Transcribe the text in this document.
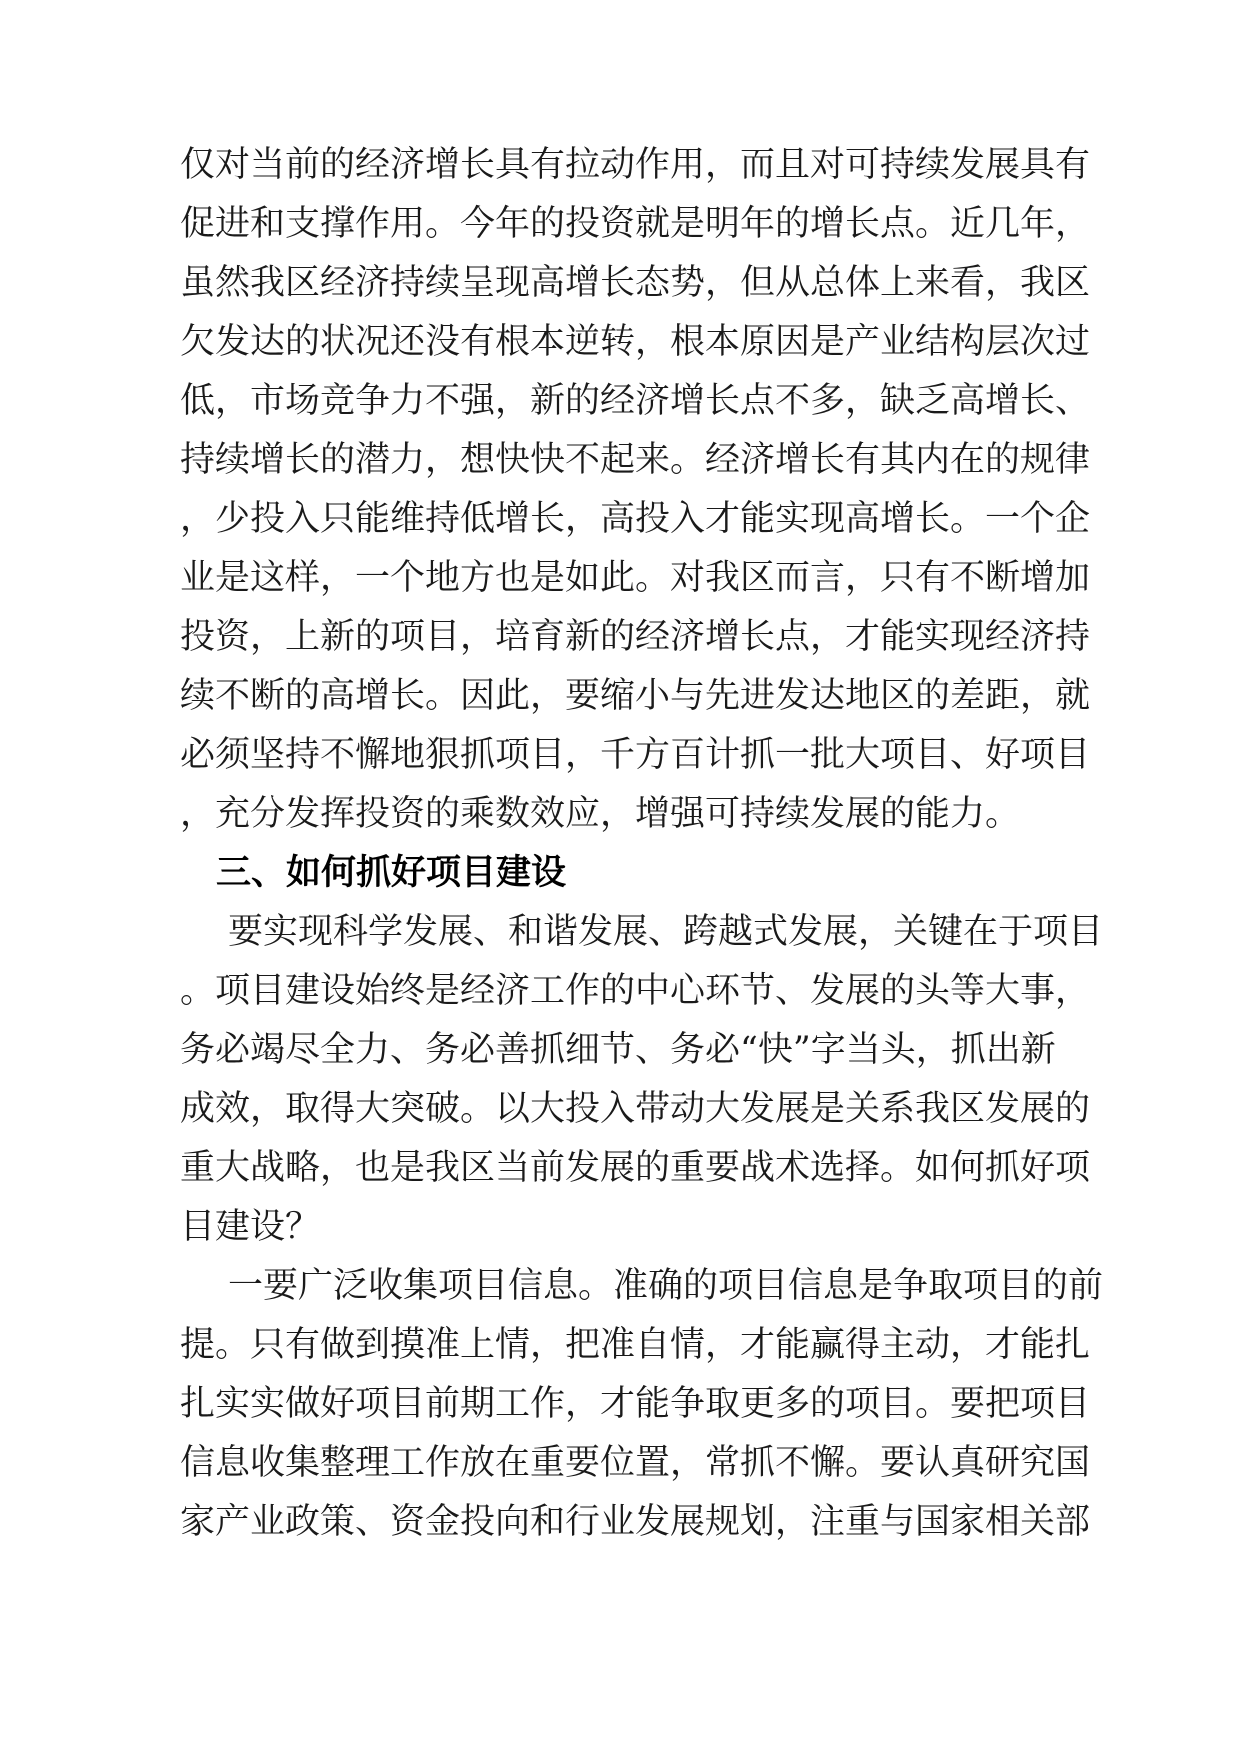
仅对当前的经济增长具有拉动作用，而且对可持续发展具有
促进和支撑作用。今年的投资就是明年的增长点。近几年，
虽然我区经济持续呈现高增长态势，但从总体上来看，我区
欠发达的状况还没有根本逆转，根本原因是产业结构层次过
低，市场竞争力不强，新的经济增长点不多，缺乏高增长、
持续增长的潜力，想快快不起来。经济增长有其内在的规律
，少投入只能维持低增长，高投入才能实现高增长。一个企
业是这样，一个地方也是如此。对我区而言，只有不断增加
投资，上新的项目，培育新的经济增长点，才能实现经济持
续不断的高增长。因此，要缩小与先进发达地区的差距，就
必须坚持不懈地狠抓项目，千方百计抓一批大项目、好项目
，充分发挥投资的乘数效应，增强可持续发展的能力。
三、如何抓好项目建设
要实现科学发展、和谐发展、跨越式发展，关键在于项目
。项目建设始终是经济工作的中心环节、发展的头等大事，
务必竭尽全力、务必善抓细节、务必“快”字当头，抓出新
成效，取得大突破。以大投入带动大发展是关系我区发展的
重大战略，也是我区当前发展的重要战术选择。如何抓好项
目建设？
一要广泛收集项目信息。准确的项目信息是争取项目的前
提。只有做到摸准上情，把准自情，才能赢得主动，才能扎
扎实实做好项目前期工作，才能争取更多的项目。要把项目
信息收集整理工作放在重要位置，常抓不懈。要认真研究国
家产业政策、资金投向和行业发展规划，注重与国家相关部
